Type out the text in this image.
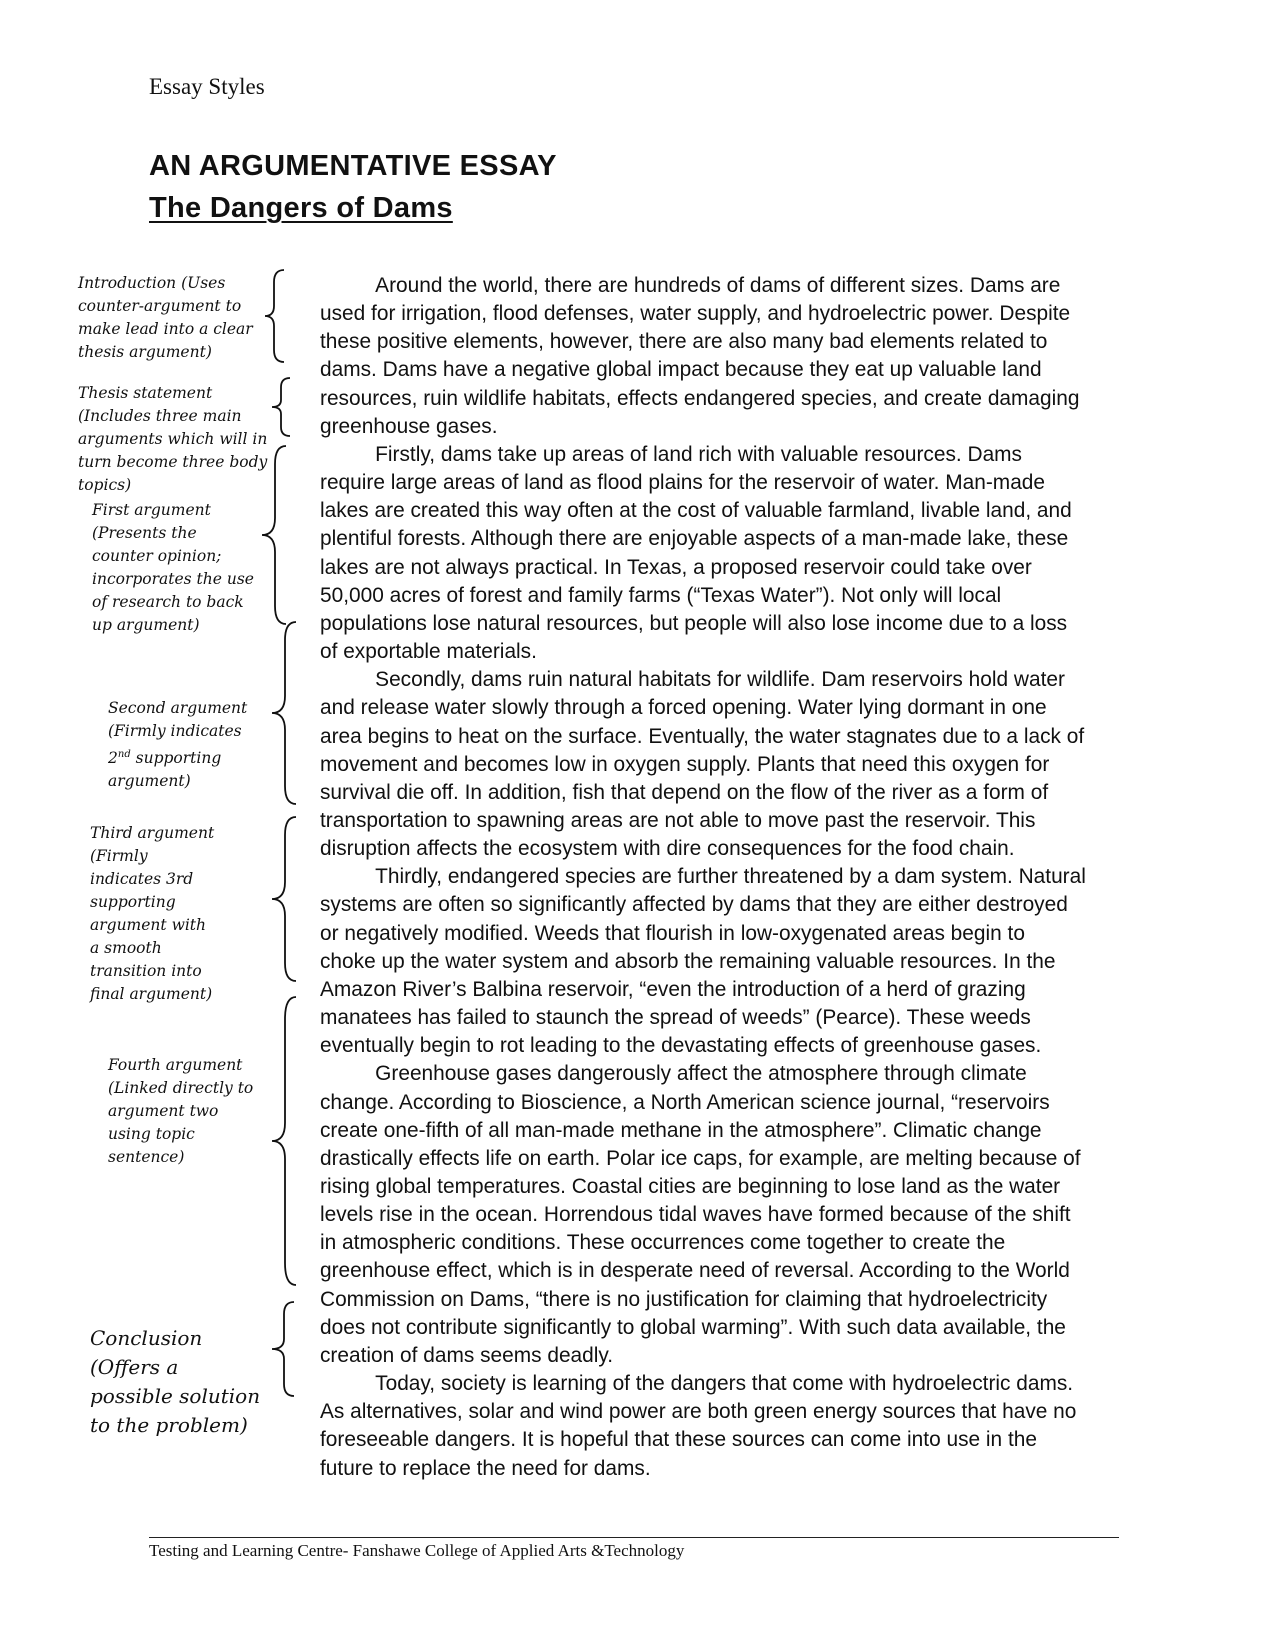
Essay Styles
AN ARGUMENTATIVE ESSAY
The Dangers of Dams
Introduction (Uses counter-argument to make lead into a clear thesis argument)
Thesis statement (Includes three main arguments which will in turn become three body topics)
First argument (Presents the counter opinion; incorporates the use of research to back up argument)
Second argument (Firmly indicates 2nd supporting argument)
Third argument (Firmly indicates 3rd supporting argument with a smooth transition into final argument)
Fourth argument (Linked directly to argument two using topic sentence)
Conclusion (Offers a possible solution to the problem)

Around the world, there are hundreds of dams of different sizes. Dams are used for irrigation, flood defenses, water supply, and hydroelectric power. Despite these positive elements, however, there are also many bad elements related to dams. Dams have a negative global impact because they eat up valuable land resources, ruin wildlife habitats, effects endangered species, and create damaging greenhouse gases.

Firstly, dams take up areas of land rich with valuable resources. Dams require large areas of land as flood plains for the reservoir of water. Man-made lakes are created this way often at the cost of valuable farmland, livable land, and plentiful forests. Although there are enjoyable aspects of a man-made lake, these lakes are not always practical. In Texas, a proposed reservoir could take over 50,000 acres of forest and family farms (“Texas Water”). Not only will local populations lose natural resources, but people will also lose income due to a loss of exportable materials.

Secondly, dams ruin natural habitats for wildlife. Dam reservoirs hold water and release water slowly through a forced opening. Water lying dormant in one area begins to heat on the surface. Eventually, the water stagnates due to a lack of movement and becomes low in oxygen supply. Plants that need this oxygen for survival die off. In addition, fish that depend on the flow of the river as a form of transportation to spawning areas are not able to move past the reservoir. This disruption affects the ecosystem with dire consequences for the food chain.

Thirdly, endangered species are further threatened by a dam system. Natural systems are often so significantly affected by dams that they are either destroyed or negatively modified. Weeds that flourish in low-oxygenated areas begin to choke up the water system and absorb the remaining valuable resources. In the Amazon River’s Balbina reservoir, “even the introduction of a herd of grazing manatees has failed to staunch the spread of weeds” (Pearce). These weeds eventually begin to rot leading to the devastating effects of greenhouse gases.

Greenhouse gases dangerously affect the atmosphere through climate change. According to Bioscience, a North American science journal, “reservoirs create one-fifth of all man-made methane in the atmosphere”. Climatic change drastically effects life on earth. Polar ice caps, for example, are melting because of rising global temperatures. Coastal cities are beginning to lose land as the water levels rise in the ocean. Horrendous tidal waves have formed because of the shift in atmospheric conditions. These occurrences come together to create the greenhouse effect, which is in desperate need of reversal. According to the World Commission on Dams, “there is no justification for claiming that hydroelectricity does not contribute significantly to global warming”. With such data available, the creation of dams seems deadly.

Today, society is learning of the dangers that come with hydroelectric dams. As alternatives, solar and wind power are both green energy sources that have no foreseeable dangers. It is hopeful that these sources can come into use in the future to replace the need for dams.

Testing and Learning Centre- Fanshawe College of Applied Arts &Technology
